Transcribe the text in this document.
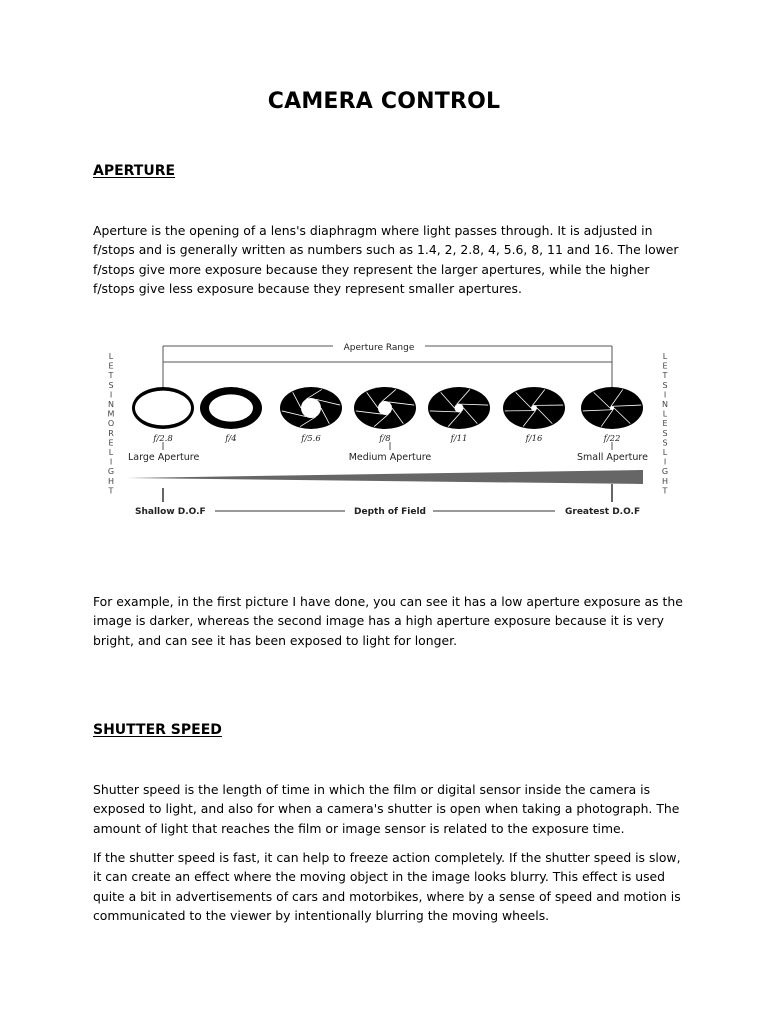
CAMERA CONTROL
APERTURE

Aperture is the opening of a lens's diaphragm where light passes through. It is adjusted in f/stops and is generally written as numbers such as 1.4, 2, 2.8, 4, 5.6, 8, 11 and 16. The lower f/stops give more exposure because they represent the larger apertures, while the higher f/stops give less exposure because they represent smaller apertures.

L
E
T
S
I
N
M
O
R
E
L
I
G
H
T
L
E
T
S
I
N
L
E
S
S
L
I
G
H
T
Aperture Range
f/2.8	f/4	f/5.6	f/8	f/11	f/16	f/22
Large Aperture	Medium Aperture	Small Aperture
Shallow D.O.F	Depth of Field	Greatest D.O.F

For example, in the first picture I have done, you can see it has a low aperture exposure as the image is darker, whereas the second image has a high aperture exposure because it is very bright, and can see it has been exposed to light for longer.

SHUTTER SPEED

Shutter speed is the length of time in which the film or digital sensor inside the camera is exposed to light, and also for when a camera's shutter is open when taking a photograph. The amount of light that reaches the film or image sensor is related to the exposure time.

If the shutter speed is fast, it can help to freeze action completely. If the shutter speed is slow, it can create an effect where the moving object in the image looks blurry. This effect is used quite a bit in advertisements of cars and motorbikes, where by a sense of speed and motion is communicated to the viewer by intentionally blurring the moving wheels.
